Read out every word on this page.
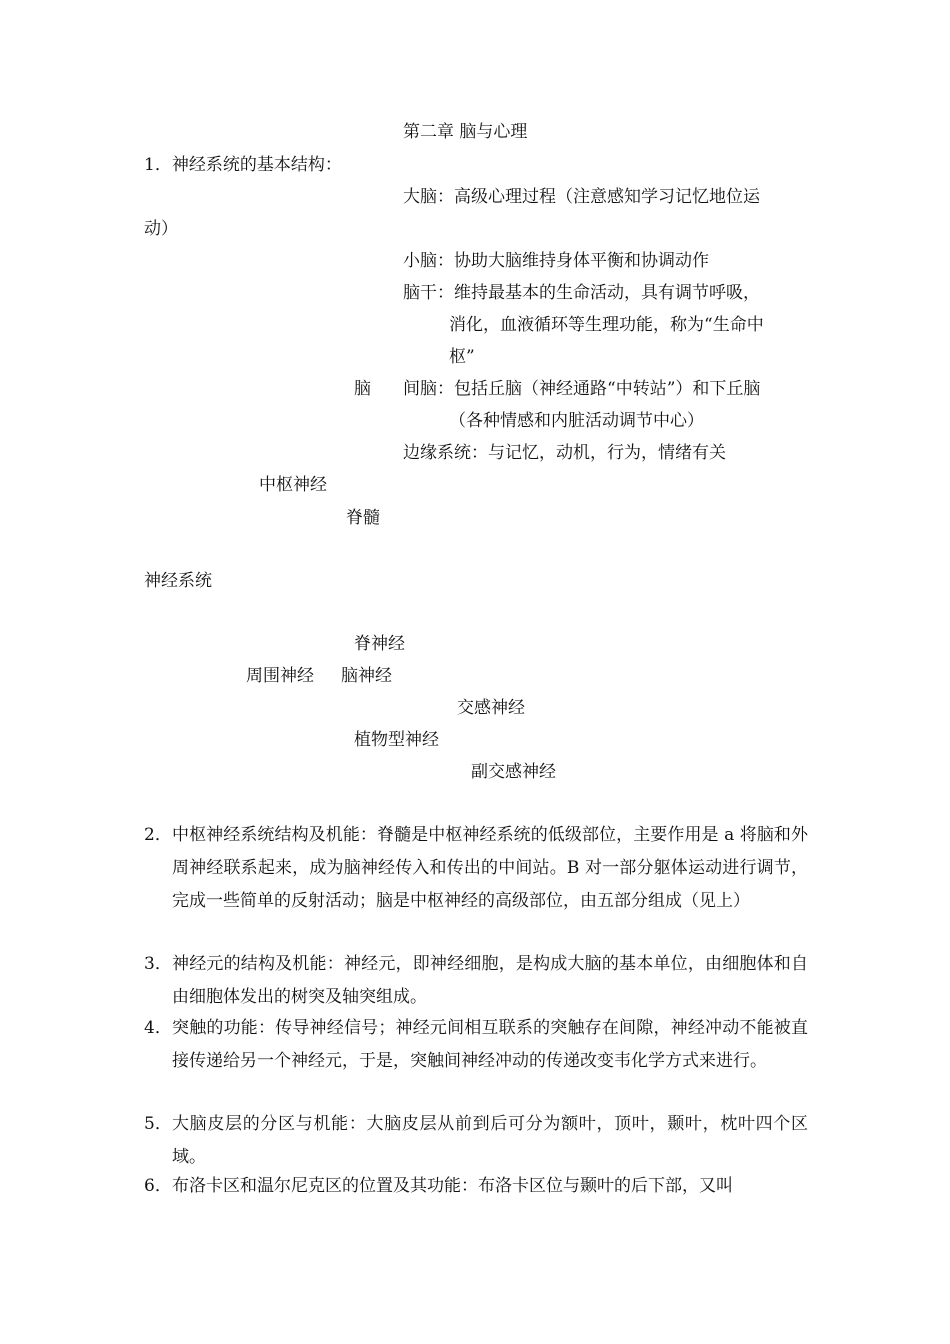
第二章 脑与心理
1．神经系统的基本结构：
大脑：高级心理过程（注意感知学习记忆地位运
动）
小脑：协助大脑维持身体平衡和协调动作
脑干：维持最基本的生命活动，具有调节呼吸，
消化，血液循环等生理功能，称为“生命中
枢”
脑 间脑：包括丘脑（神经通路“中转站”）和下丘脑
（各种情感和内脏活动调节中心）
边缘系统：与记忆，动机，行为，情绪有关
中枢神经
脊髓
神经系统
脊神经
周围神经 脑神经
交感神经
植物型神经
副交感神经
2． 中枢神经系统结构及机能：脊髓是中枢神经系统的低级部位，主要作用是 a 将脑和外周神经联系起来，成为脑神经传入和传出的中间站。B 对一部分躯体运动进行调节，完成一些简单的反射活动；脑是中枢神经的高级部位，由五部分组成（见上）
3． 神经元的结构及机能：神经元，即神经细胞，是构成大脑的基本单位，由细胞体和自由细胞体发出的树突及轴突组成。
4． 突触的功能：传导神经信号；神经元间相互联系的突触存在间隙，神经冲动不能被直接传递给另一个神经元，于是，突触间神经冲动的传递改变韦化学方式来进行。
5． 大脑皮层的分区与机能：大脑皮层从前到后可分为额叶，顶叶，颞叶，枕叶四个区域。
6． 布洛卡区和温尔尼克区的位置及其功能：布洛卡区位与颞叶的后下部，又叫
